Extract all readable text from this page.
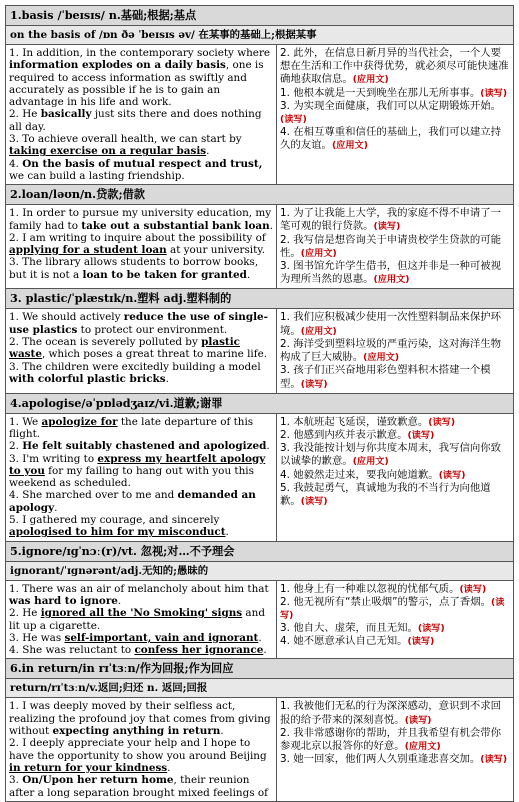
1.basis /ˈbeɪsɪs/ n.基础;根据;基点
on the basis of /ɒn ðə ˈbeɪsɪs əv/ 在某事的基础上;根据某事

1. In addition, in the contemporary society where information explodes on a daily basis, one is required to access information as swiftly and accurately as possible if he is to gain an advantage in his life and work.

2. He basically just sits there and does nothing all day.

3. To achieve overall health, we can start by taking exercise on a regular basis.

4. On the basis of mutual respect and trust, we can build a lasting friendship.

2. 此外，在信息日新月异的当代社会，一个人要想在生活和工作中获得优势，就必须尽可能快速准确地获取信息。(应用文)

1. 他根本就是一天到晚坐在那儿无所事事。(读写)

3. 为实现全面健康，我们可以从定期锻炼开始。(读写)

4. 在相互尊重和信任的基础上，我们可以建立持久的友谊。(应用文)

2.loan/ləʊn/n.贷款;借款

1. In order to pursue my university education, my family had to take out a substantial bank loan.

2. I am writing to inquire about the possibility of applying for a student loan at your university.

3. The library allows students to borrow books, but it is not a loan to be taken for granted.

1. 为了让我能上大学，我的家庭不得不申请了一笔可观的银行贷款。(读写)

2. 我写信是想咨询关于申请贵校学生贷款的可能性。(应用文)

3. 图书馆允许学生借书，但这并非是一种可被视为理所当然的恩惠。(应用文)

3. plastic/ˈplæstɪk/n.塑料 adj.塑料制的

1. We should actively reduce the use of single-use plastics to protect our environment.

2. The ocean is severely polluted by plastic waste, which poses a great threat to marine life.

3. The children were excitedly building a model with colorful plastic bricks.

1. 我们应积极减少使用一次性塑料制品来保护环境。(应用文)

2. 海洋受到塑料垃圾的严重污染，这对海洋生物构成了巨大威胁。(应用文)

3. 孩子们正兴奋地用彩色塑料积木搭建一个模型。(读写)

4.apologise/əˈpɒlədʒaɪz/vi.道歉;谢罪

1. We apologize for the late departure of this flight.

2. He felt suitably chastened and apologized.

3. I'm writing to express my heartfelt apology to you for my failing to hang out with you this weekend as scheduled.

4. She marched over to me and demanded an apology.

5. I gathered my courage, and sincerely apologised to him for my misconduct.

1. 本航班起飞延误，谨致歉意。(读写)

2. 他感到内疚并表示歉意。(读写)

3. 我没能按计划与你共度本周末，我写信向你致以诚挚的歉意。(应用文)

4. 她毅然走过来，要我向她道歉。(读写)

5. 我鼓起勇气，真诚地为我的不当行为向他道歉。(读写)

5.ignore/ɪgˈnɔː(r)/vt. 忽视;对…不予理会
ignorant/ˈɪgnərənt/adj.无知的;愚昧的

1. There was an air of melancholy about him that was hard to ignore.

2. He ignored all the 'No Smoking' signs and lit up a cigarette.

3. He was self-important, vain and ignorant.

4. She was reluctant to confess her ignorance.

1. 他身上有一种难以忽视的忧郁气质。(读写)

2. 他无视所有“禁止吸烟”的警示，点了香烟。(读写)

3. 他自大、虚荣，而且无知。(读写)

4. 她不愿意承认自己无知。(读写)

6.in return/in rɪˈtɜːn/作为回报;作为回应
return/rɪˈtɜːn/v.返回;归还 n. 返回;回报

1. I was deeply moved by their selfless act, realizing the profound joy that comes from giving without expecting anything in return.

2. I deeply appreciate your help and I hope to have the opportunity to show you around Beijing in return for your kindness.

3. On/Upon her return home, their reunion after a long separation brought mixed feelings of

1. 我被他们无私的行为深深感动，意识到不求回报的给予带来的深刻喜悦。(读写)

2. 我非常感谢你的帮助，并且我希望有机会带你参观北京以报答你的好意。(应用文)

3. 她一回家，他们两人久别重逢悲喜交加。(读写)
